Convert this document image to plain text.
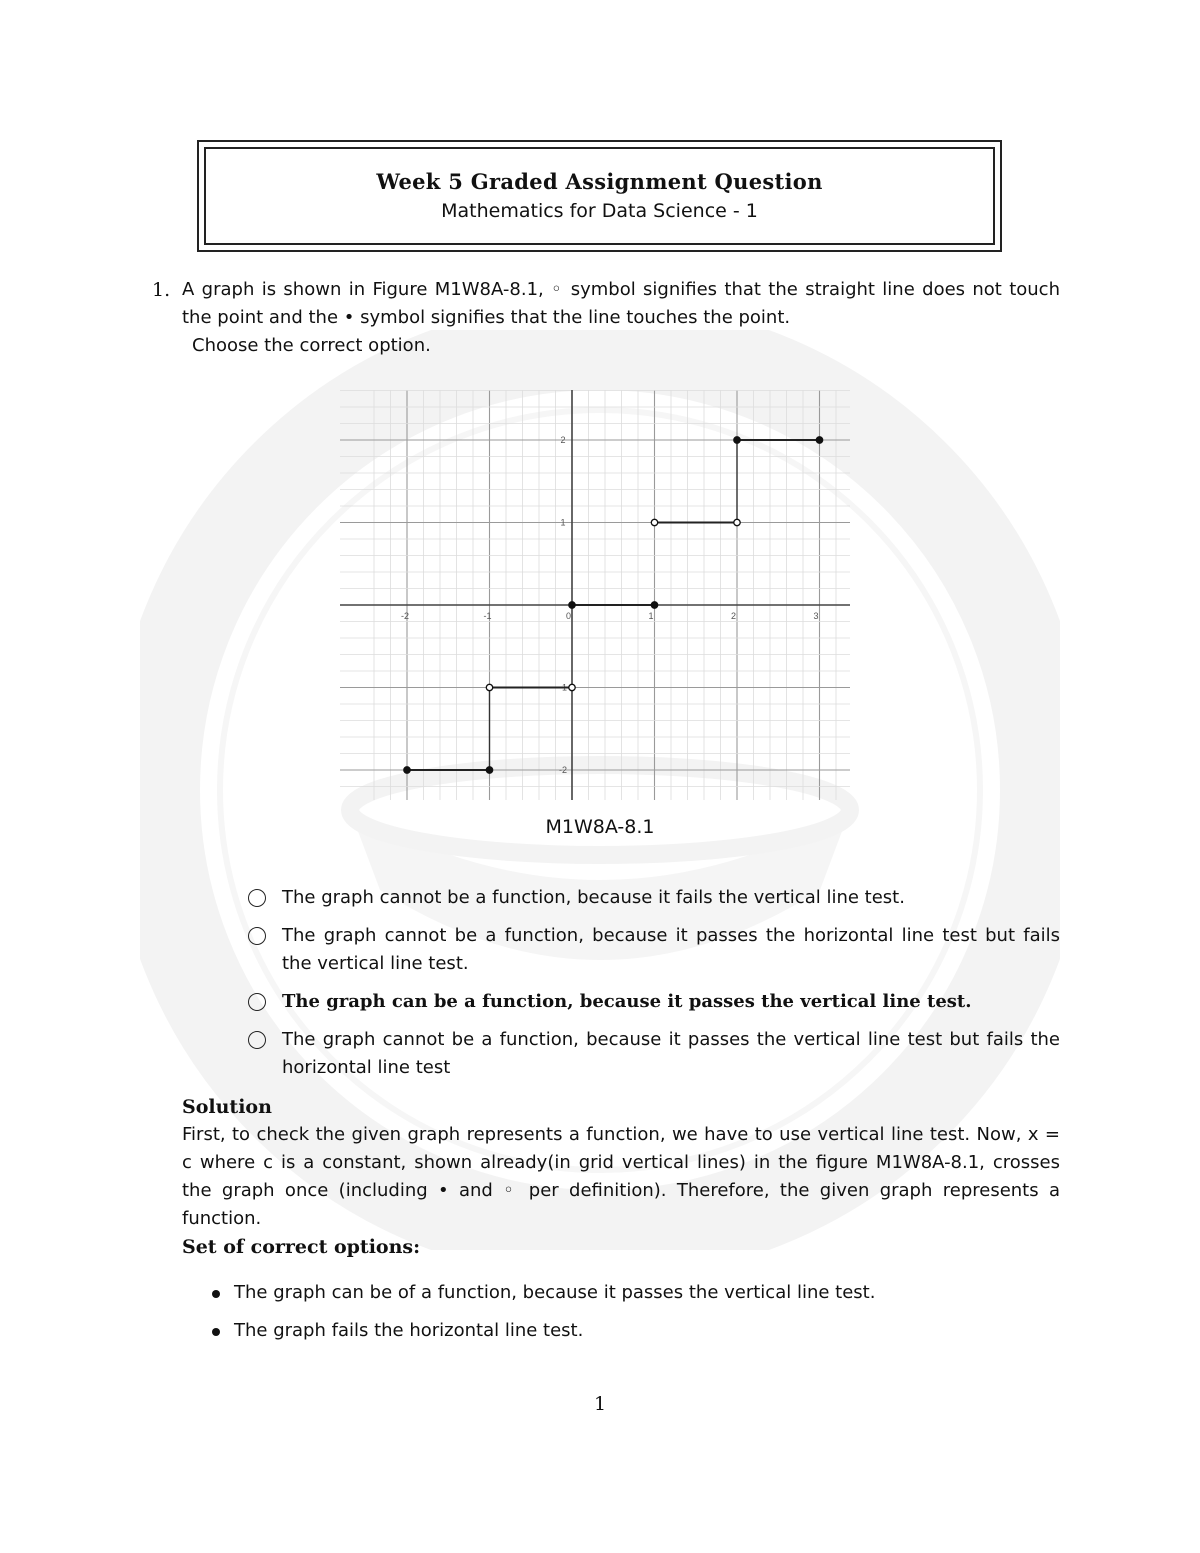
Week 5 Graded Assignment Question
Mathematics for Data Science - 1
1. A graph is shown in Figure M1W8A-8.1, ◦ symbol signifies that the straight line does not touch the point and the • symbol signifies that the line touches the point.
Choose the correct option.
-2	-1	0	1	2	3
-2
-1
1
2
M1W8A-8.1
The graph cannot be a function, because it fails the vertical line test.
The graph cannot be a function, because it passes the horizontal line test but fails the vertical line test.
The graph can be a function, because it passes the vertical line test.
The graph cannot be a function, because it passes the vertical line test but fails the horizontal line test
Solution
First, to check the given graph represents a function, we have to use vertical line test. Now, x = c where c is a constant, shown already(in grid vertical lines) in the figure M1W8A-8.1, crosses the graph once (including • and ◦ per definition). Therefore, the given graph represents a function.
Set of correct options:
The graph can be of a function, because it passes the vertical line test.
The graph fails the horizontal line test.
1
